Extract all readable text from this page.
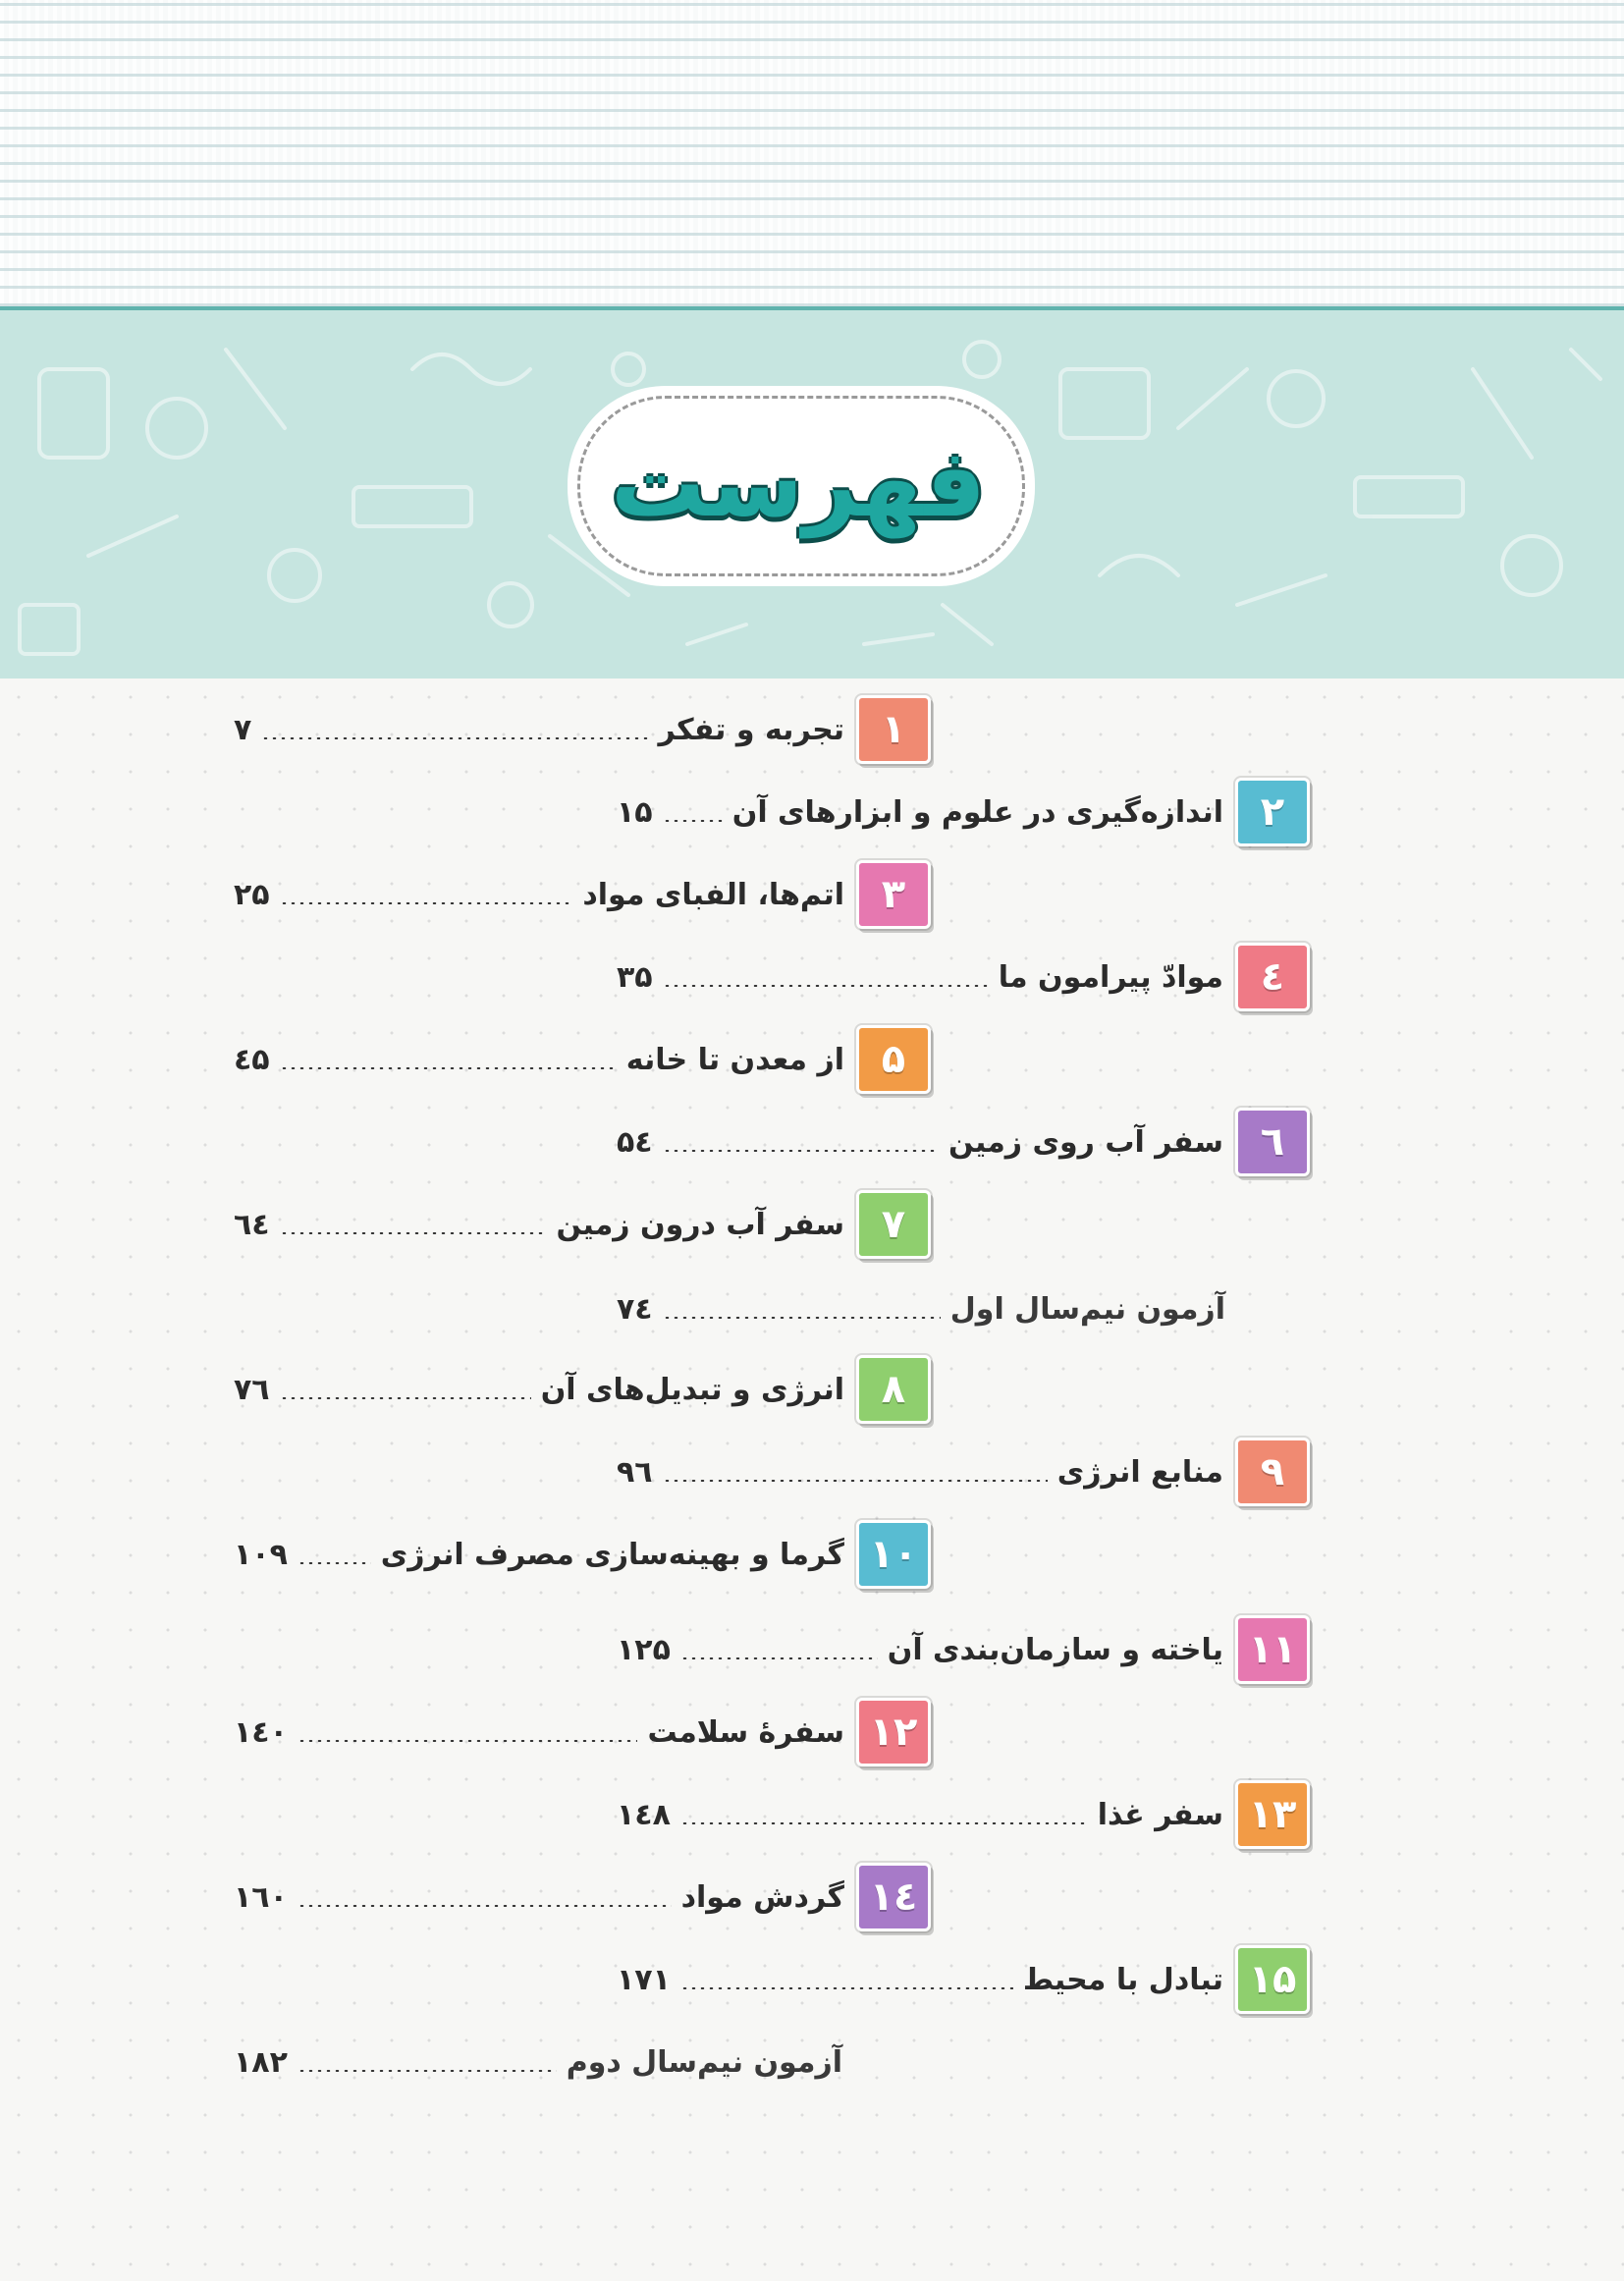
فهرست
۱
تجربه و تفکر
۷
۲
اندازه‌گیری در علوم و ابزارهای آن
۱۵
۳
اتم‌ها، الفبای مواد
۲۵
٤
موادّ پیرامون ما
۳۵
۵
از معدن تا خانه
٤۵
٦
سفر آب روی زمین
۵٤
۷
سفر آب درون زمین
٦٤
آزمون نیم‌سال اول
۷٤
۸
انرژی و تبدیل‌های آن
۷٦
۹
منابع انرژی
۹٦
۱۰
گرما و بهینه‌سازی مصرف انرژی
۱۰۹
۱۱
یاخته و سازمان‌بندی آن
۱۲۵
۱۲
سفرهٔ سلامت
۱٤۰
۱۳
سفر غذا
۱٤۸
۱٤
گردش مواد
۱٦۰
۱۵
تبادل با محیط
۱۷۱
آزمون نیم‌سال دوم
۱۸۲
